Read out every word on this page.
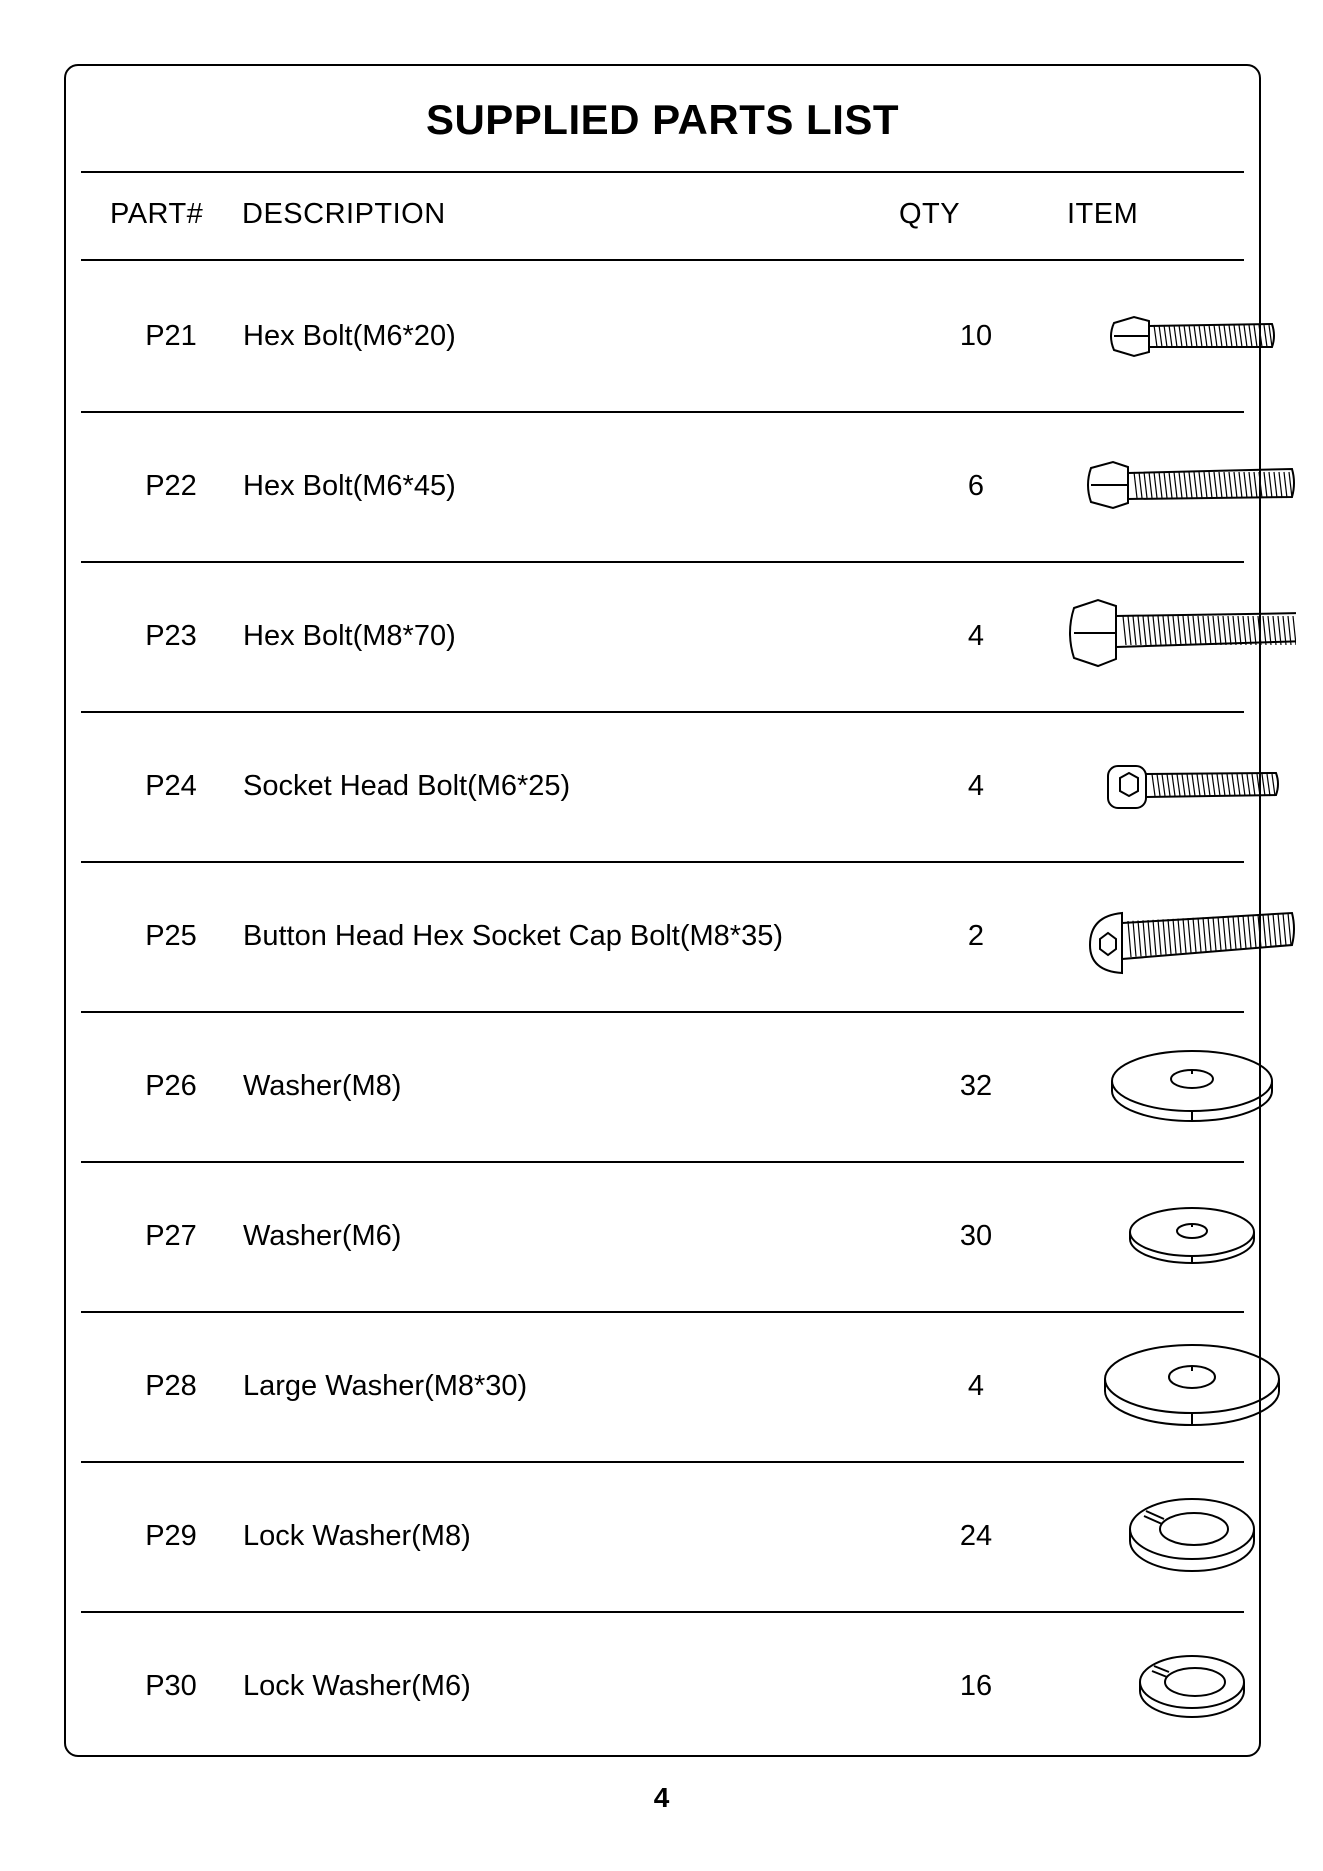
SUPPLIED PARTS LIST
PART# DESCRIPTION	QTY	ITEM
P21	Hex Bolt(M6*20)	10
P22	Hex Bolt(M6*45)	6
P23	Hex Bolt(M8*70)	4
P24	Socket Head Bolt(M6*25)	4
P25	Button Head Hex Socket Cap Bolt(M8*35)	2
P26	Washer(M8)	32
P27	Washer(M6)	30
P28	Large Washer(M8*30)	4
P29	Lock Washer(M8)	24
P30	Lock Washer(M6)	16
4
